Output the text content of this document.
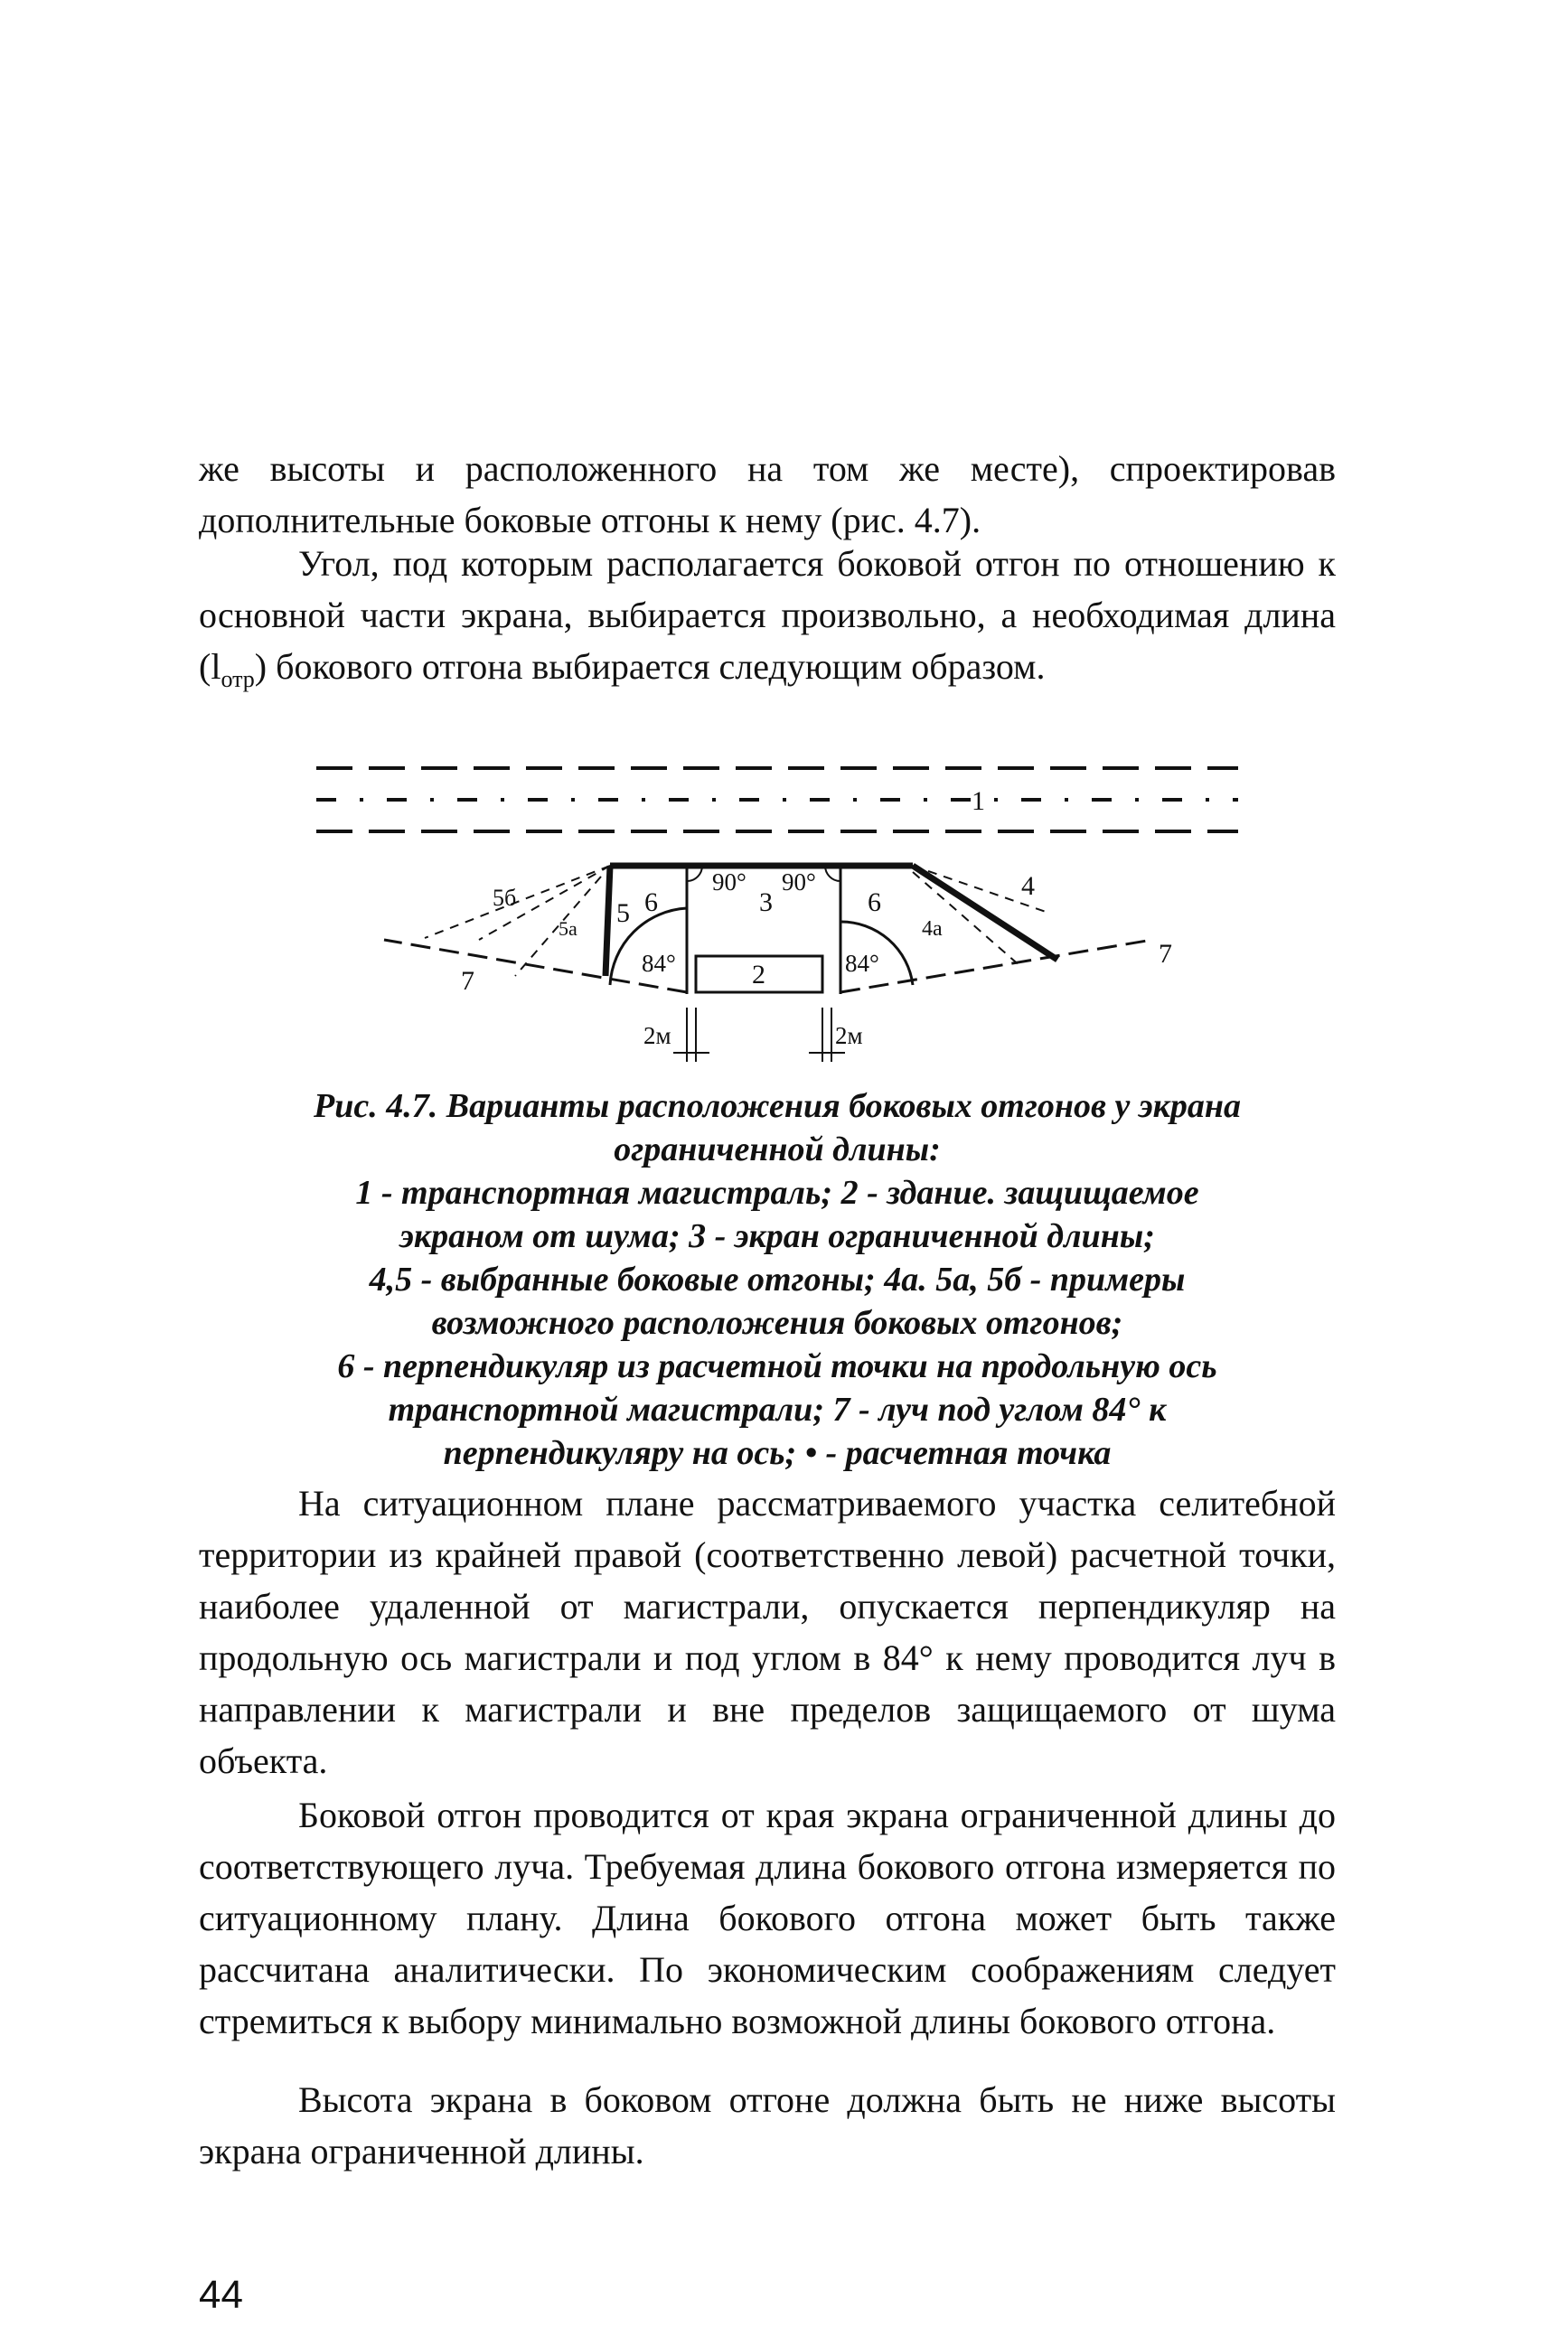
же высоты и расположенного на том же месте), спроектировав дополнительные боковые отгоны к нему (рис. 4.7).

Угол, под которым располагается боковой отгон по отношению к основной части экрана, выбирается произвольно, а необходимая длина $(l_{отр})$ бокового отгона выбирается следующим образом.

1
2
3
4
5 6	6
4а
5а
5б
7
7
90° 90°
84°	84°
2м	2м
Рис. 4.7. Варианты расположения боковых отгонов у экрана
ограниченной длины:
1 - транспортная магистраль; 2 - здание. защищаемое
экраном от шума; 3 - экран ограниченной длины;
4,5 - выбранные боковые отгоны; 4а. 5а, 5б - примеры
возможного расположения боковых отгонов;
6 - перпендикуляр из расчетной точки на продольную ось
транспортной магистрали; 7 - луч под углом 84° к
перпендикуляру на ось; • - расчетная точка

На ситуационном плане рассматриваемого участка селитебной территории из крайней правой (соответственно левой) расчетной точки, наиболее удаленной от магистрали, опускается перпендикуляр на продольную ось магистрали и под углом в 84° к нему проводится луч в направлении к магистрали и вне пределов защищаемого от шума объекта.

Боковой отгон проводится от края экрана ограниченной длины до соответствующего луча. Требуемая длина бокового отгона измеряется по ситуационному плану. Длина бокового отгона может быть также рассчитана аналитически. По экономическим соображениям следует стремиться к выбору минимально возможной длины бокового отгона.

Высота экрана в боковом отгоне должна быть не ниже высоты экрана ограниченной длины.

44
